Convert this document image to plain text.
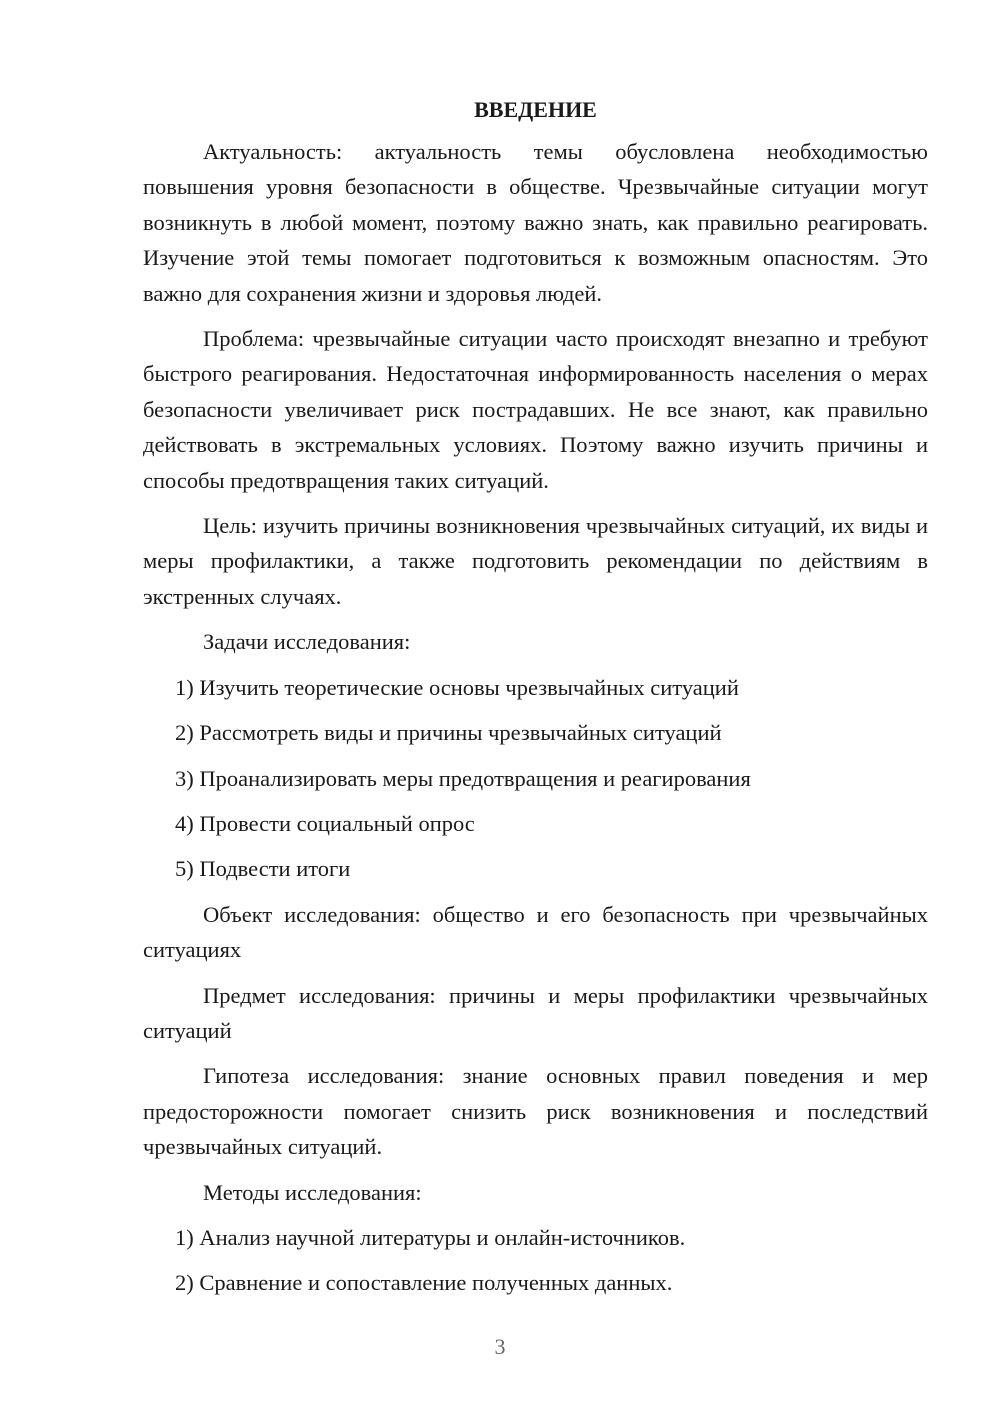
ВВЕДЕНИЕ

Актуальность: актуальность темы обусловлена необходимостью повышения уровня безопасности в обществе. Чрезвычайные ситуации могут возникнуть в любой момент, поэтому важно знать, как правильно реагировать. Изучение этой темы помогает подготовиться к возможным опасностям. Это важно для сохранения жизни и здоровья людей.

Проблема: чрезвычайные ситуации часто происходят внезапно и требуют быстрого реагирования. Недостаточная информированность населения о мерах безопасности увеличивает риск пострадавших. Не все знают, как правильно действовать в экстремальных условиях. Поэтому важно изучить причины и способы предотвращения таких ситуаций.

Цель: изучить причины возникновения чрезвычайных ситуаций, их виды и меры профилактики, а также подготовить рекомендации по действиям в экстренных случаях.

Задачи исследования:

1) Изучить теоретические основы чрезвычайных ситуаций
2) Рассмотреть виды и причины чрезвычайных ситуаций
3) Проанализировать меры предотвращения и реагирования
4) Провести социальный опрос
5) Подвести итоги

Объект исследования: общество и его безопасность при чрезвычайных ситуациях

Предмет исследования: причины и меры профилактики чрезвычайных ситуаций

Гипотеза исследования: знание основных правил поведения и мер предосторожности помогает снизить риск возникновения и последствий чрезвычайных ситуаций.

Методы исследования:

1) Анализ научной литературы и онлайн-источников.
2) Сравнение и сопоставление полученных данных.
3
